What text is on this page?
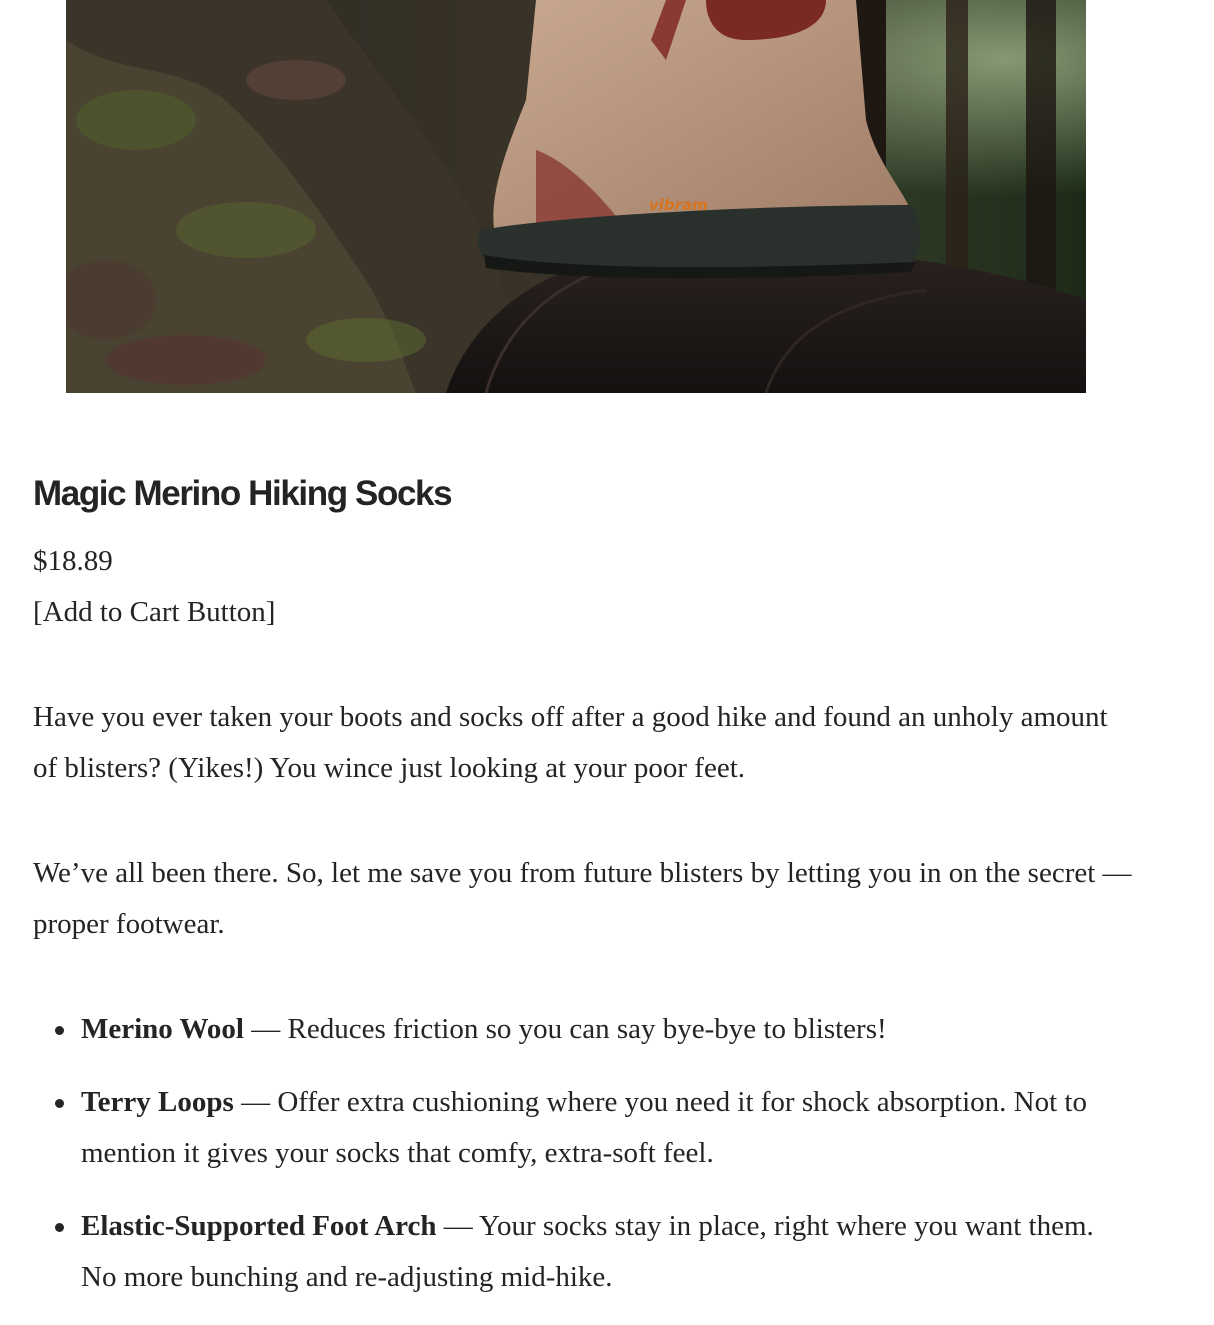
vibram
Magic Merino Hiking Socks

$18.89

[Add to Cart Button]

Have you ever taken your boots and socks off after a good hike and found an unholy amount of blisters? (Yikes!) You wince just looking at your poor feet.

We’ve all been there. So, let me save you from future blisters by letting you in on the secret — proper footwear.

Merino Wool — Reduces friction so you can say bye-bye to blisters!
Terry Loops — Offer extra cushioning where you need it for shock absorption. Not to mention it gives your socks that comfy, extra-soft feel.
Elastic-Supported Foot Arch — Your socks stay in place, right where you want them. No more bunching and re-adjusting mid-hike.
